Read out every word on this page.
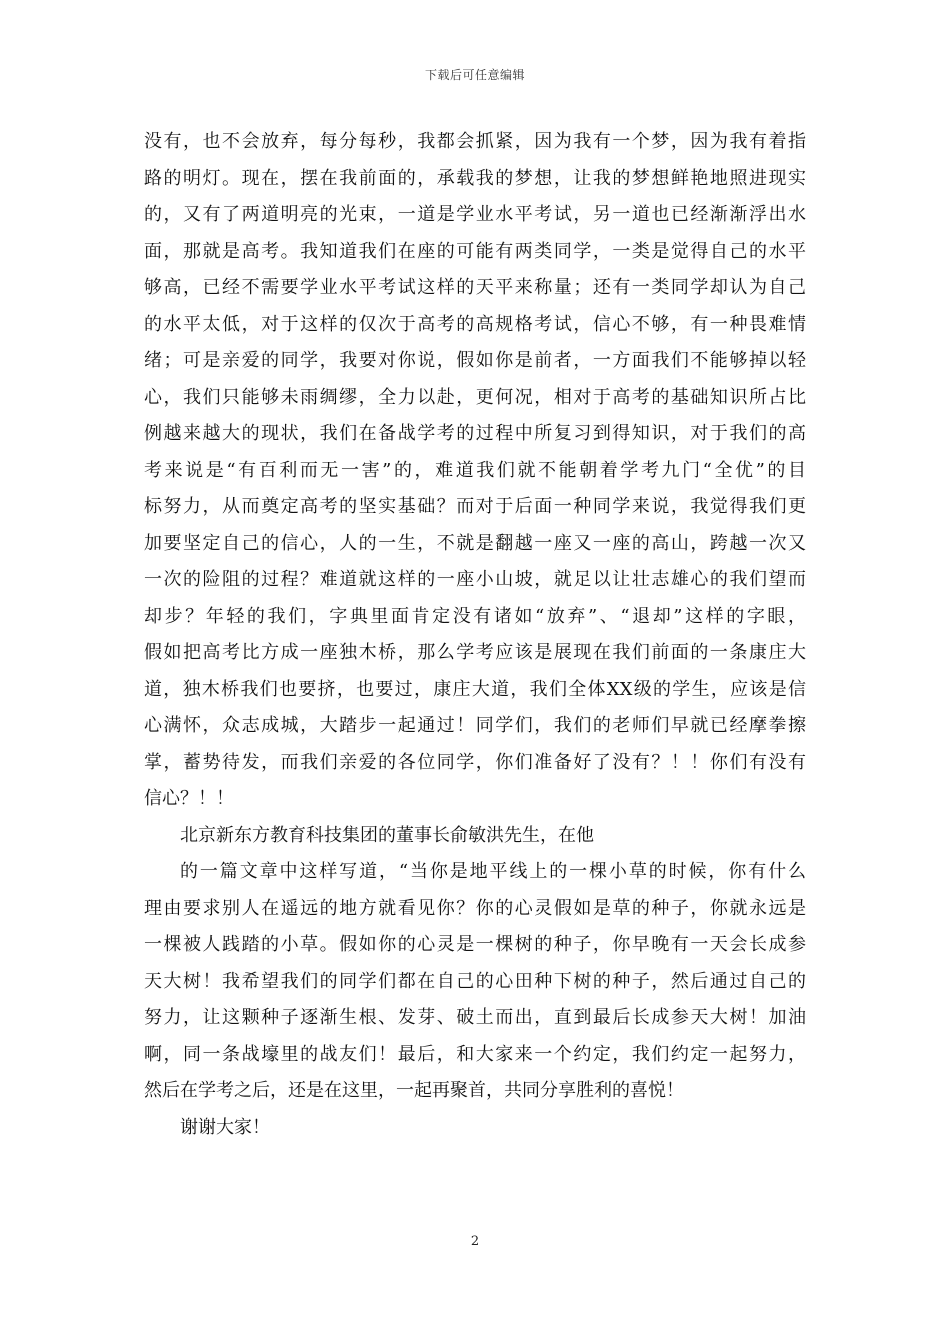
下载后可任意编辑
没有，也不会放弃，每分每秒，我都会抓紧，因为我有一个梦，因为我有着指
路的明灯。现在，摆在我前面的，承载我的梦想，让我的梦想鲜艳地照进现实
的，又有了两道明亮的光束，一道是学业水平考试，另一道也已经渐渐浮出水
面，那就是高考。我知道我们在座的可能有两类同学，一类是觉得自己的水平
够高，已经不需要学业水平考试这样的天平来称量；还有一类同学却认为自己
的水平太低，对于这样的仅次于高考的高规格考试，信心不够，有一种畏难情
绪；可是亲爱的同学，我要对你说，假如你是前者，一方面我们不能够掉以轻
心，我们只能够未雨绸缪，全力以赴，更何况，相对于高考的基础知识所占比
例越来越大的现状，我们在备战学考的过程中所复习到得知识，对于我们的高
考来说是“有百利而无一害”的，难道我们就不能朝着学考九门“全优”的目
标努力，从而奠定高考的坚实基础？而对于后面一种同学来说，我觉得我们更
加要坚定自己的信心，人的一生，不就是翻越一座又一座的高山，跨越一次又
一次的险阻的过程？难道就这样的一座小山坡，就足以让壮志雄心的我们望而
却步？年轻的我们，字典里面肯定没有诸如“放弃”、“退却”这样的字眼，
假如把高考比方成一座独木桥，那么学考应该是展现在我们前面的一条康庄大
道，独木桥我们也要挤，也要过，康庄大道，我们全体XX级的学生，应该是信
心满怀，众志成城，大踏步一起通过！同学们，我们的老师们早就已经摩拳擦
掌，蓄势待发，而我们亲爱的各位同学，你们准备好了没有？！！你们有没有
信心？！！
北京新东方教育科技集团的董事长俞敏洪先生，在他
的一篇文章中这样写道，“当你是地平线上的一棵小草的时候，你有什么
理由要求别人在遥远的地方就看见你？你的心灵假如是草的种子，你就永远是
一棵被人践踏的小草。假如你的心灵是一棵树的种子，你早晚有一天会长成参
天大树！我希望我们的同学们都在自己的心田种下树的种子，然后通过自己的
努力，让这颗种子逐渐生根、发芽、破土而出，直到最后长成参天大树！加油
啊，同一条战壕里的战友们！最后，和大家来一个约定，我们约定一起努力，
然后在学考之后，还是在这里，一起再聚首，共同分享胜利的喜悦！
谢谢大家！
2
